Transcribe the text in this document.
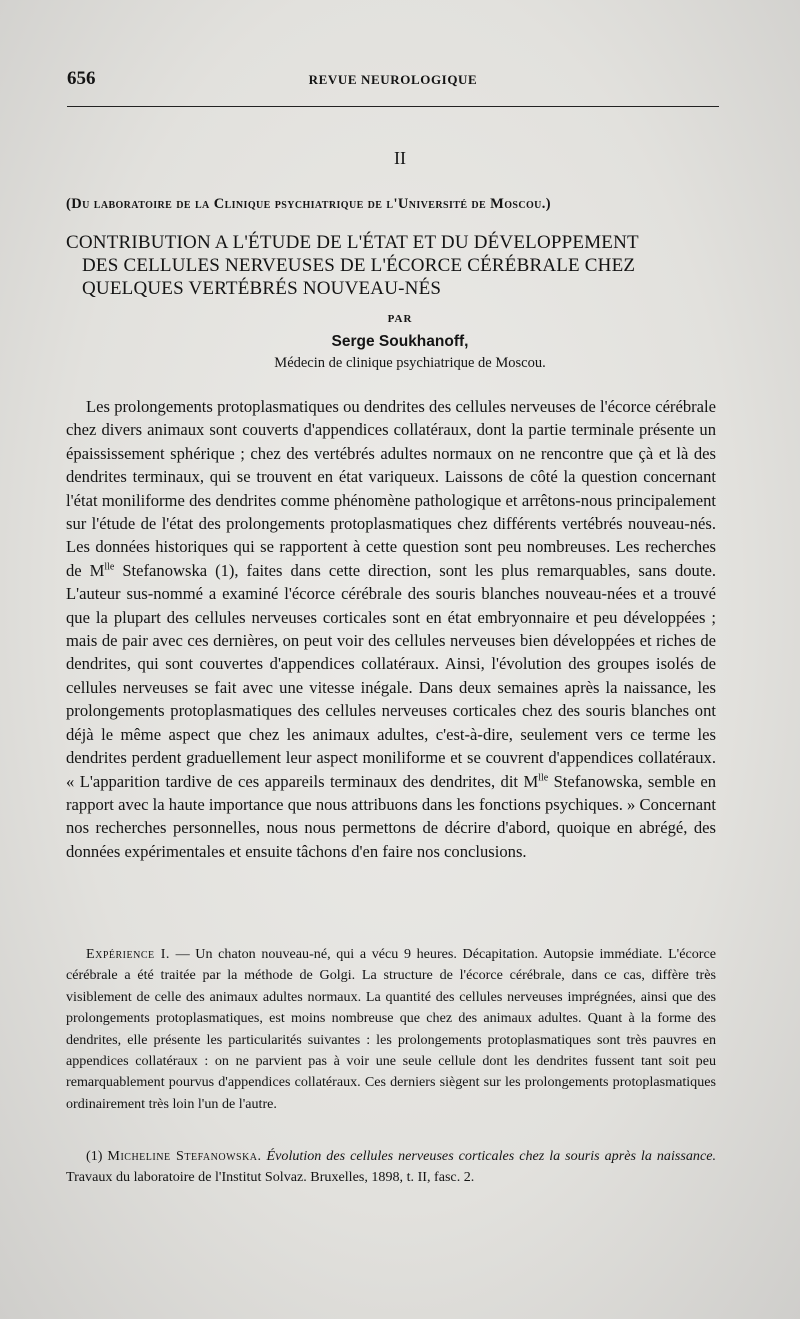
656	REVUE NEUROLOGIQUE
II
(Du laboratoire de la Clinique psychiatrique de l'Université de Moscou.)
CONTRIBUTION A L'ÉTUDE DE L'ÉTAT ET DU DÉVELOPPEMENT
DES CELLULES NERVEUSES DE L'ÉCORCE CÉRÉBRALE CHEZ
QUELQUES VERTÉBRÉS NOUVEAU-NÉS
PAR
Serge Soukhanoff,
Médecin de clinique psychiatrique de Moscou.

Les prolongements protoplasmatiques ou dendrites des cellules nerveuses de l'écorce cérébrale chez divers animaux sont couverts d'appendices collatéraux, dont la partie terminale présente un épaississement sphérique ; chez des vertébrés adultes normaux on ne rencontre que çà et là des dendrites terminaux, qui se trouvent en état variqueux. Laissons de côté la question concernant l'état moniliforme des dendrites comme phénomène pathologique et arrêtons-nous principalement sur l'étude de l'état des prolongements protoplasmatiques chez différents vertébrés nouveau-nés. Les données historiques qui se rapportent à cette question sont peu nombreuses. Les recherches de $M^{lle}$ Stefanowska (1), faites dans cette direction, sont les plus remarquables, sans doute. L'auteur sus-nommé a examiné l'écorce cérébrale des souris blanches nouveau-nées et a trouvé que la plupart des cellules nerveuses corticales sont en état embryonnaire et peu développées ; mais de pair avec ces dernières, on peut voir des cellules nerveuses bien développées et riches de dendrites, qui sont couvertes d'appendices collatéraux. Ainsi, l'évolution des groupes isolés de cellules nerveuses se fait avec une vitesse inégale. Dans deux semaines après la naissance, les prolongements protoplasmatiques des cellules nerveuses corticales chez des souris blanches ont déjà le même aspect que chez les animaux adultes, c'est-à-dire, seulement vers ce terme les dendrites perdent graduellement leur aspect moniliforme et se couvrent d'appendices collatéraux. « L'apparition tardive de ces appareils terminaux des dendrites, dit $M^{lle}$ Stefanowska, semble en rapport avec la haute importance que nous attribuons dans les fonctions psychiques. » Concernant nos recherches personnelles, nous nous permettons de décrire d'abord, quoique en abrégé, des données expérimentales et ensuite tâchons d'en faire nos conclusions.

Expérience I. — Un chaton nouveau-né, qui a vécu 9 heures. Décapitation. Autopsie immédiate. L'écorce cérébrale a été traitée par la méthode de Golgi. La structure de l'écorce cérébrale, dans ce cas, diffère très visiblement de celle des animaux adultes normaux. La quantité des cellules nerveuses imprégnées, ainsi que des prolongements protoplasmatiques, est moins nombreuse que chez des animaux adultes. Quant à la forme des dendrites, elle présente les particularités suivantes : les prolongements protoplasmatiques sont très pauvres en appendices collatéraux : on ne parvient pas à voir une seule cellule dont les dendrites fussent tant soit peu remarquablement pourvus d'appendices collatéraux. Ces derniers siègent sur les prolongements protoplasmatiques ordinairement très loin l'un de l'autre.

(1) Micheline Stefanowska. Évolution des cellules nerveuses corticales chez la souris après la naissance. Travaux du laboratoire de l'Institut Solvaz. Bruxelles, 1898, t. II, fasc. 2.
